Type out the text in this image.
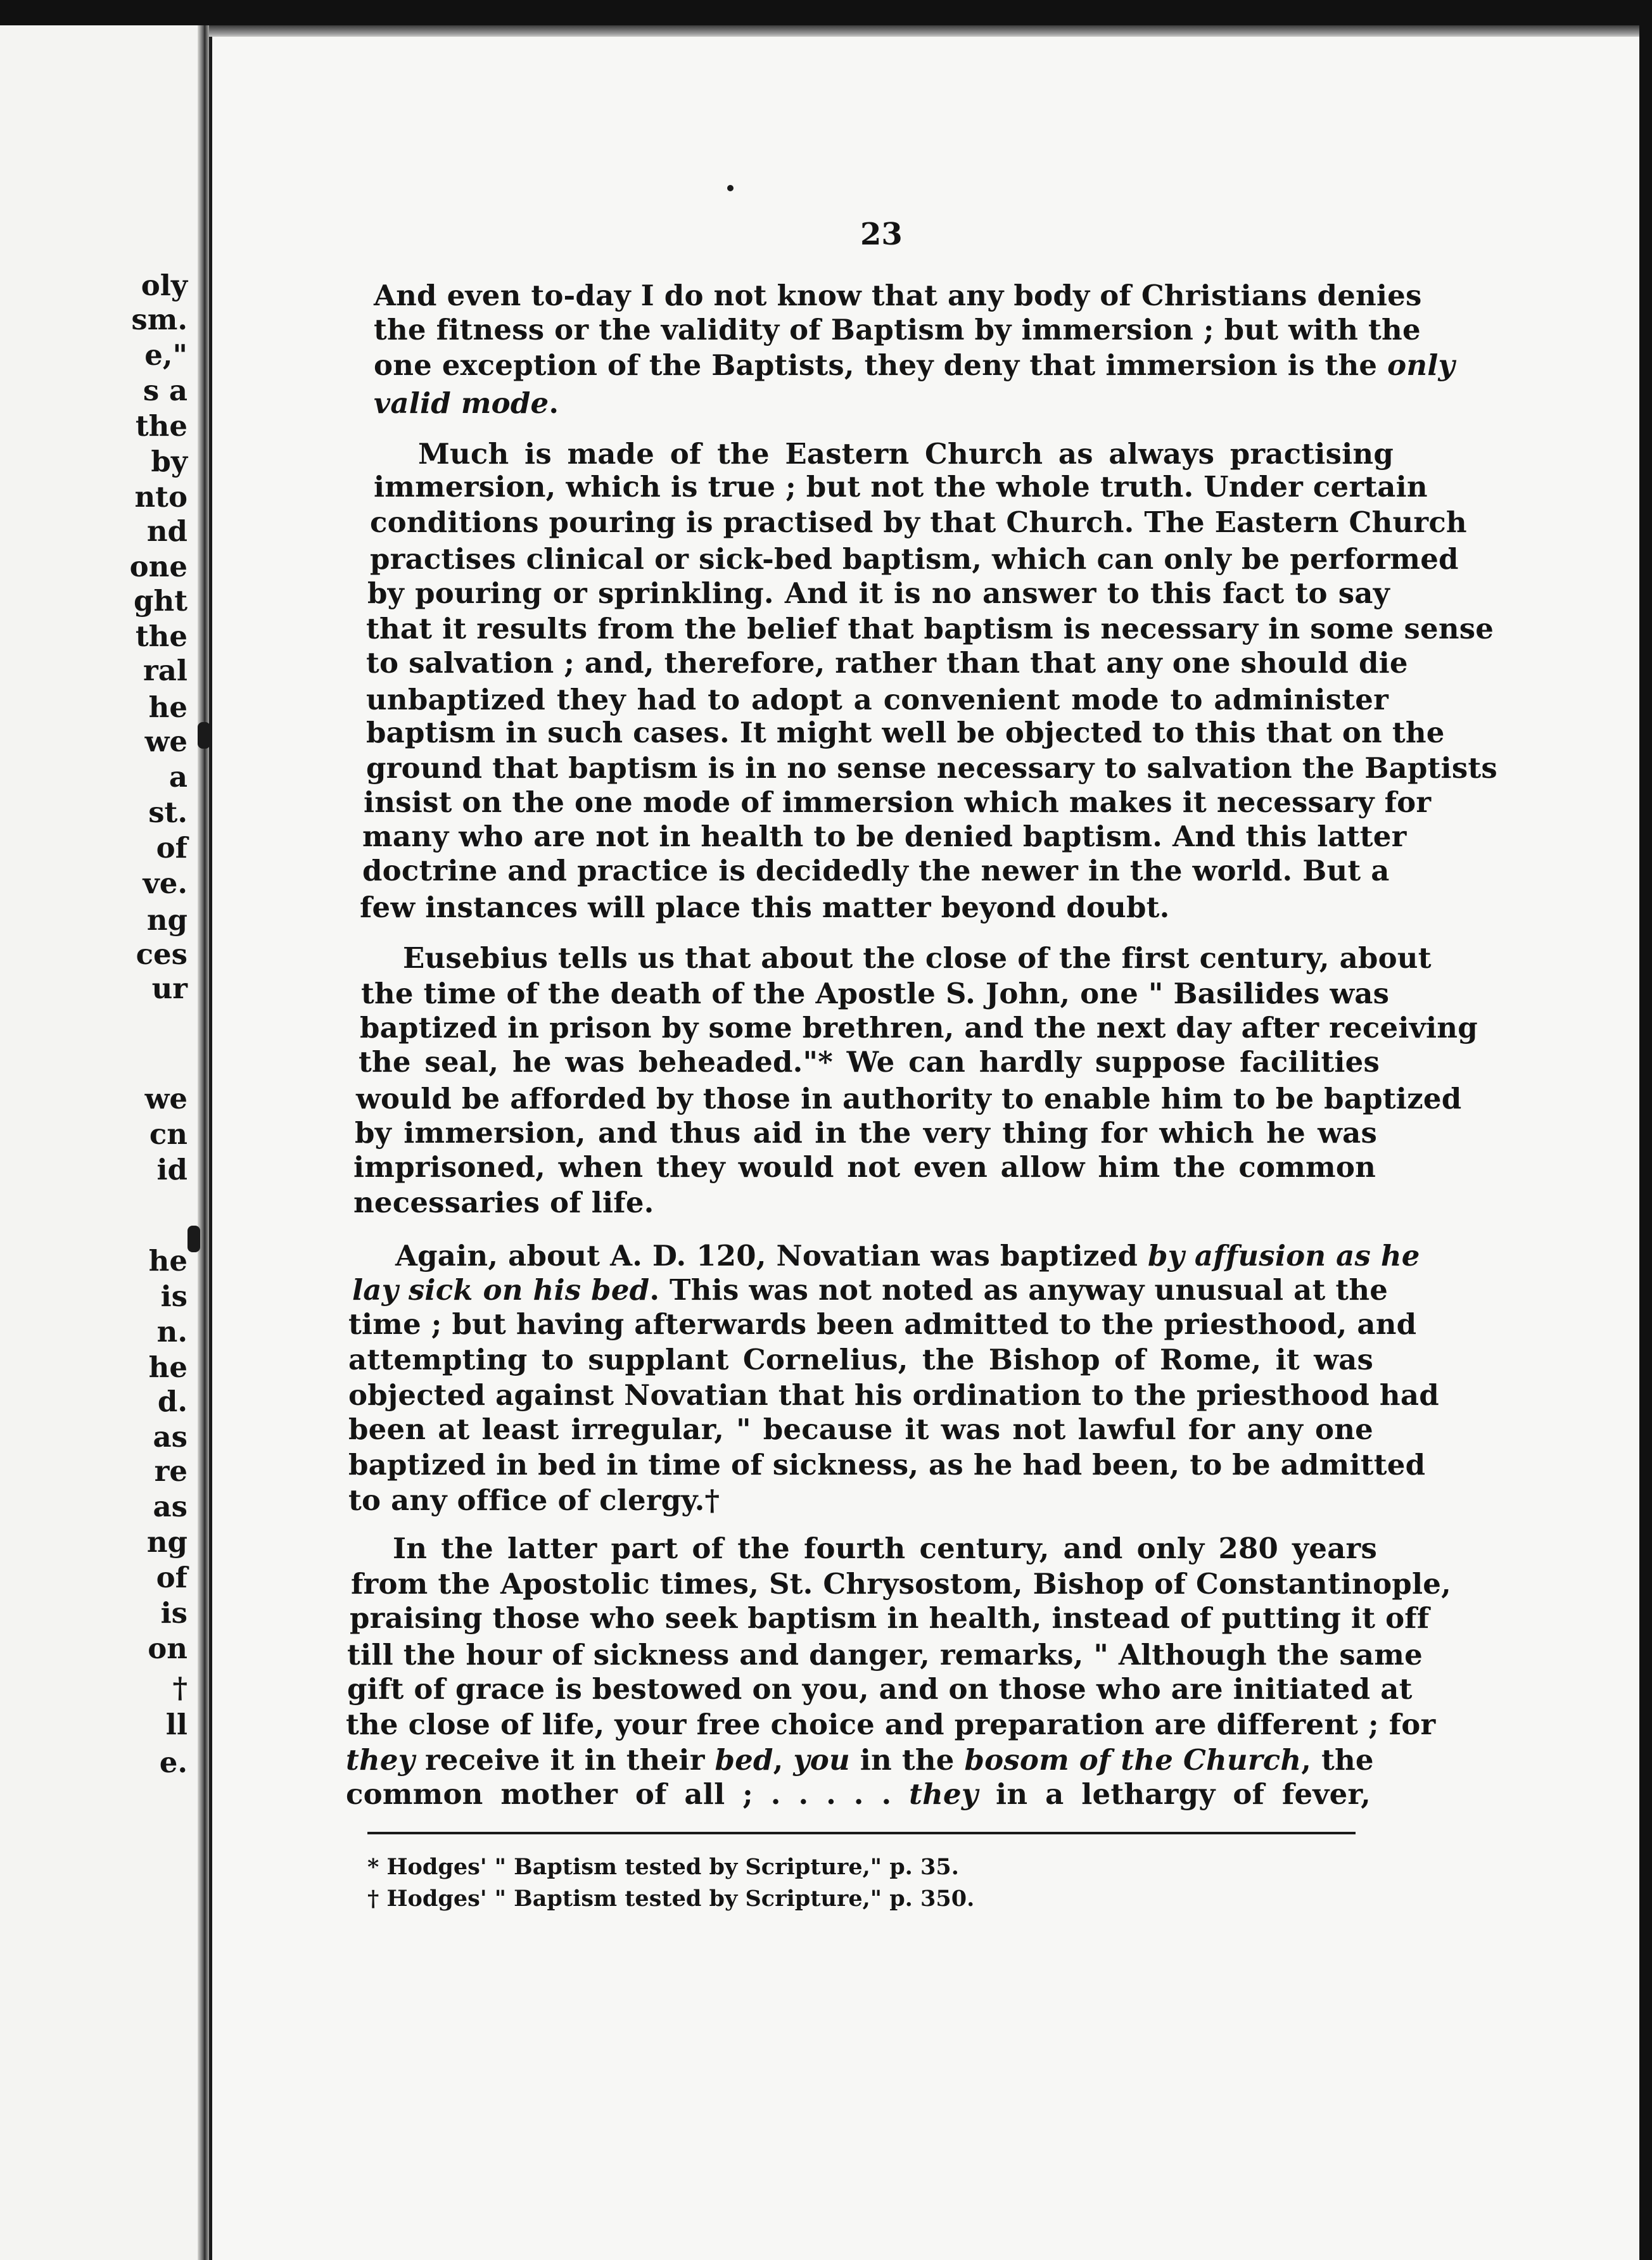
oly
sm.
e,"
s a
the
by
nto
nd
one
ght
the
ral
he
we
a
st.
of
ve.
ng
ces
ur
we
cn
id
he
is
n.
he
d.
as
re
as
ng
of
is
on
†
ll
e.
23
And even to-day I do not know that any body of Christians denies
the fitness or the validity of Baptism by immersion ; but with the
one exception of the Baptists, they deny that immersion is the only
valid mode.
Much is made of the Eastern Church as always practising
immersion, which is true ; but not the whole truth. Under certain
conditions pouring is practised by that Church. The Eastern Church
practises clinical or sick-bed baptism, which can only be performed
by pouring or sprinkling. And it is no answer to this fact to say
that it results from the belief that baptism is necessary in some sense
to salvation ; and, therefore, rather than that any one should die
unbaptized they had to adopt a convenient mode to administer
baptism in such cases. It might well be objected to this that on the
ground that baptism is in no sense necessary to salvation the Baptists
insist on the one mode of immersion which makes it necessary for
many who are not in health to be denied baptism. And this latter
doctrine and practice is decidedly the newer in the world. But a
few instances will place this matter beyond doubt.
Eusebius tells us that about the close of the first century, about
the time of the death of the Apostle S. John, one " Basilides was
baptized in prison by some brethren, and the next day after receiving
the seal, he was beheaded."* We can hardly suppose facilities
would be afforded by those in authority to enable him to be baptized
by immersion, and thus aid in the very thing for which he was
imprisoned, when they would not even allow him the common
necessaries of life.
Again, about A. D. 120, Novatian was baptized by affusion as he
lay sick on his bed. This was not noted as anyway unusual at the
time ; but having afterwards been admitted to the priesthood, and
attempting to supplant Cornelius, the Bishop of Rome, it was
objected against Novatian that his ordination to the priesthood had
been at least irregular, " because it was not lawful for any one
baptized in bed in time of sickness, as he had been, to be admitted
to any office of clergy.†
In the latter part of the fourth century, and only 280 years
from the Apostolic times, St. Chrysostom, Bishop of Constantinople,
praising those who seek baptism in health, instead of putting it off
till the hour of sickness and danger, remarks, " Although the same
gift of grace is bestowed on you, and on those who are initiated at
the close of life, your free choice and preparation are different ; for
they receive it in their bed, you in the bosom of the Church, the
common mother of all ; . . . . . they in a lethargy of fever,
* Hodges' " Baptism tested by Scripture," p. 35.
† Hodges' " Baptism tested by Scripture," p. 350.
